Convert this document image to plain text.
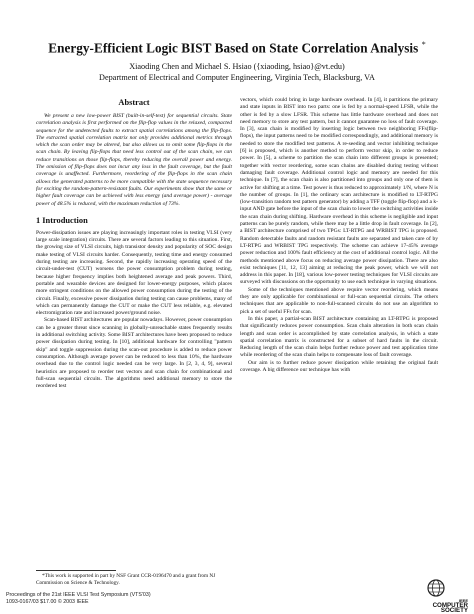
Energy-Efficient Logic BIST Based on State Correlation Analysis *
Xiaoding Chen and Michael S. Hsiao ({xiaoding, hsiao}@vt.edu)
Department of Electrical and Computer Engineering, Virginia Tech, Blacksburg, VA
Abstract

We present a new low-power BIST (built-in-self-test) for sequential circuits. State correlation analysis is first performed on the flip-flop values in the relaxed, compacted sequence for the undetected faults to extract spatial correlations among the flip-flops. The extracted spatial correlation matrix not only provides additional metrics through which the scan order may be altered, but also allows us to omit some flip-flops in the scan chain. By leaving flip-flops that need less control out of the scan chain, we can reduce transitions on those flip-flops, thereby reducing the overall power and energy. The omission of flip-flops does not incur any loss in the fault coverage, but the fault coverage is unaffected. Furthermore, reordering of the flip-flops in the scan chain allows the generated patterns to be more compatible with the state sequence necessary for exciting the random-pattern-resistant faults. Our experiments show that the same or higher fault coverage can be achieved with less energy (and average power) - average power of 48.5% is reduced, with the maximum reduction of 73%.

1 Introduction

Power-dissipation issues are playing increasingly important roles in testing VLSI (very large scale integration) circuits. There are several factors leading to this situation. First, the growing size of VLSI circuits, high transistor density and popularity of SOC design make testing of VLSI circuits harder. Consequently, testing time and energy consumed during testing are increasing. Second, the rapidly increasing operating speed of the circuit-under-test (CUT) worsens the power consumption problem during testing, because higher frequency implies both heightened average and peak powers. Third, portable and wearable devices are designed for lower-energy purposes, which places more stringent conditions on the allowed power consumption during the testing of the circuit. Finally, excessive power dissipation during testing can cause problems, many of which can permanently damage the CUT or make the CUT less reliable, e.g. elevated electromigration rate and increased power/ground noise.

Scan-based BIST architectures are popular nowadays. However, power consumption can be a greater threat since scanning in globally-unreachable states frequently results in additional switching activity. Some BIST architectures have been proposed to reduce power dissipation during testing. In [10], additional hardware for controlling "pattern skip" and toggle suppression during the scan-out procedure is added to reduce power consumption. Although average power can be reduced to less than 10%, the hardware overhead due to the control logic needed can be very large. In [2, 3, 4, 9], several heuristics are proposed to reorder test vectors and scan chain for combinational and full-scan sequential circuits. The algorithms need additional memory to store the reordered test

vectors, which could bring in large hardware overhead. In [4], it partitions the primary and state inputs in BIST into two parts: one is fed by a normal-speed LFSR, while the other is fed by a slow LFSR. This scheme has little hardware overhead and does not need memory to store any test pattern, but it cannot guarantee no loss of fault coverage. In [3], scan chain is modified by inserting logic between two neighboring FFs(flip-flops), the input patterns need to be modified correspondingly, and additional memory is needed to store the modified test patterns. A re-seeding and vector inhibiting technique [6] is proposed, which is another method to perform vector skip, in order to reduce power. In [5], a scheme to partition the scan chain into different groups is presented; together with vector reordering, some scan chains are disabled during testing without damaging fault coverage. Additional control logic and memory are needed for this technique. In [7], the scan chain is also partitioned into groups and only one of them is active for shifting at a time. Test power is thus reduced to approximately 1/N, where N is the number of groups. In [1], the ordinary scan architecture is modified to LT-RTPG (low-transition random test pattern generator) by adding a TFF (toggle flip-flop) and a k-input AND gate before the input of the scan chain to lower the switching activities inside the scan chain during shifting. Hardware overhead in this scheme is negligible and input patterns can be purely random, while there may be a little drop in fault coverage. In [2], a BIST architecture comprised of two TPGs: LT-RTPG and WRBIST TPG is proposed. Random detectable faults and random resistant faults are separated and taken care of by LT-RTPG and WRBIST TPG respectively. The scheme can achieve 17-45% average power reduction and 100% fault efficiency at the cost of additional control logic. All the methods mentioned above focus on reducing average power dissipation. There are also exist techniques [11, 12, 13] aiming at reducing the peak power, which we will not address in this paper. In [18], various low-power testing techniques for VLSI circuits are surveyed with discussions on the opportunity to use each technique in varying situations.

Some of the techniques mentioned above require vector reordering, which means they are only applicable for combinational or full-scan sequential circuits. The others techniques that are applicable to non-full-scanned circuits do not use an algorithm to pick a set of useful FFs for scan.

In this paper, a partial-scan BIST architecture containing an LT-RTPG is proposed that significantly reduces power consumption. Scan chain alteration in both scan chain length and scan order is accomplished by state correlation analysis, in which a state spatial correlation matrix is constructed for a subset of hard faults in the circuit. Reducing length of the scan chain helps further reduce power and test application time while reordering of the scan chain helps to compensate loss of fault coverage.

Our aim is to further reduce power dissipation while retaining the original fault coverage. A big difference our technique has with

*This work is supported in part by NSF Grant CCR-0196470 and a grant from NJ Commission on Science & Technology.

Proceedings of the 21st IEEE VLSI Test Symposium (VTS'03)
1093-0167/03 $17.00 © 2003 IEEE	IEEE
COMPUTER
SOCIETY
